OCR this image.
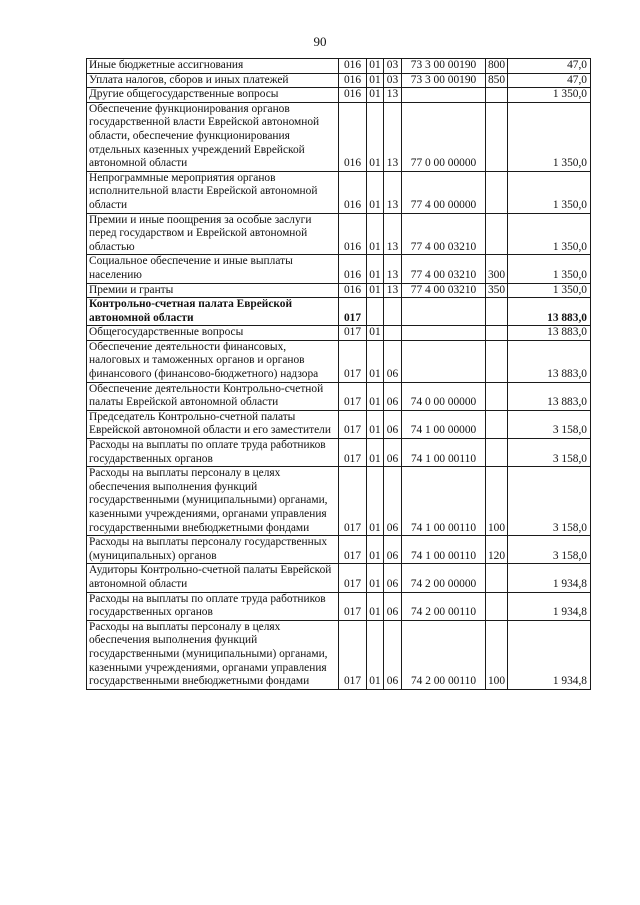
90
Иные бюджетные ассигнования	016	01	03	73 3 00 00190	800	47,0
Уплата налогов, сборов и иных платежей	016	01	03	73 3 00 00190	850	47,0
Другие общегосударственные вопросы	016	01	13			1 350,0
Обеспечение функционирования органов государственной власти Еврейской автономной области, обеспечение функционирования отдельных казенных учреждений Еврейской автономной области	016	01	13	77 0 00 00000		1 350,0
Непрограммные мероприятия органов исполнительной власти Еврейской автономной области	016	01	13	77 4 00 00000		1 350,0
Премии и иные поощрения за особые заслуги перед государством и Еврейской автономной областью	016	01	13	77 4 00 03210		1 350,0
Социальное обеспечение и иные выплаты населению	016	01	13	77 4 00 03210	300	1 350,0
Премии и гранты	016	01	13	77 4 00 03210	350	1 350,0
Контрольно-счетная палата Еврейской автономной области	017					13 883,0
Общегосударственные вопросы	017	01				13 883,0
Обеспечение деятельности финансовых, налоговых и таможенных органов и органов финансового (финансово-бюджетного) надзора	017	01	06			13 883,0
Обеспечение деятельности Контрольно-счетной палаты Еврейской автономной области	017	01	06	74 0 00 00000		13 883,0
Председатель Контрольно-счетной палаты Еврейской автономной области и его заместители	017	01	06	74 1 00 00000		3 158,0
Расходы на выплаты по оплате труда работников государственных органов	017	01	06	74 1 00 00110		3 158,0
Расходы на выплаты персоналу в целях обеспечения выполнения функций государственными (муниципальными) органами, казенными учреждениями, органами управления государственными внебюджетными фондами	017	01	06	74 1 00 00110	100	3 158,0
Расходы на выплаты персоналу государственных (муниципальных) органов	017	01	06	74 1 00 00110	120	3 158,0
Аудиторы Контрольно-счетной палаты Еврейской автономной области	017	01	06	74 2 00 00000		1 934,8
Расходы на выплаты по оплате труда работников государственных органов	017	01	06	74 2 00 00110		1 934,8
Расходы на выплаты персоналу в целях обеспечения выполнения функций государственными (муниципальными) органами, казенными учреждениями, органами управления государственными внебюджетными фондами	017	01	06	74 2 00 00110	100	1 934,8
